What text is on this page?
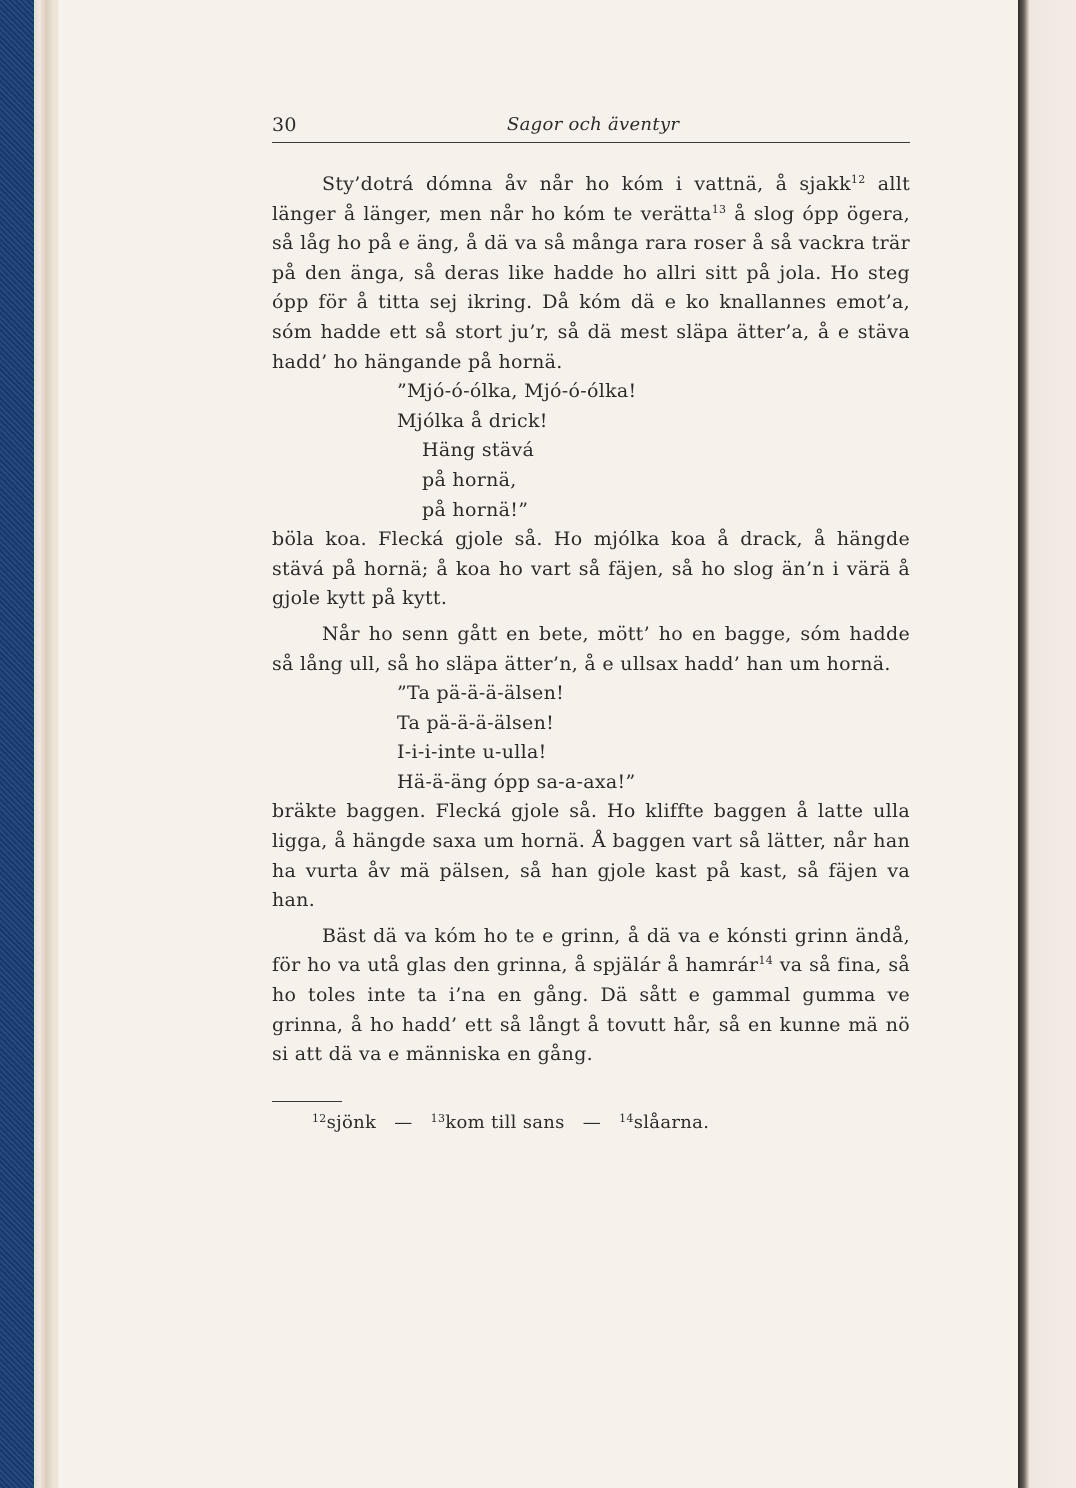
30	Sagor och äventyr

Sty’dotrá dómna åv når ho kóm i vattnä, å sjakk$^{12}$ allt länger å länger, men når ho kóm te verätta$^{13}$ å slog ópp ögera, så låg ho på e äng, å dä va så många rara roser å så vackra trär på den änga, så deras like hadde ho allri sitt på jola. Ho steg ópp för å titta sej ikring. Då kóm dä e ko knallannes emot’a, sóm hadde ett så stort ju’r, så dä mest släpa ätter’a, å e stäva hadd’ ho hängande på hornä.

”Mjó-ó-ólka, Mjó-ó-ólka!
Mjólka å drick!
Häng stävá
på hornä,
på hornä!”

böla koa. Flecká gjole så. Ho mjólka koa å drack, å hängde stävá på hornä; å koa ho vart så fäjen, så ho slog än’n i värä å gjole kytt på kytt.

Når ho senn gått en bete, mött’ ho en bagge, sóm hadde så lång ull, så ho släpa ätter’n, å e ullsax hadd’ han um hornä.

”Ta pä-ä-ä-älsen!
Ta pä-ä-ä-älsen!
I-i-i-inte u-ulla!
Hä-ä-äng ópp sa-a-axa!”

bräkte baggen. Flecká gjole så. Ho kliffte baggen å latte ulla ligga, å hängde saxa um hornä. Å baggen vart så lätter, når han ha vurta åv mä pälsen, så han gjole kast på kast, så fäjen va han.

Bäst dä va kóm ho te e grinn, å dä va e kónsti grinn ändå, för ho va utå glas den grinna, å spjälár å hamrár$^{14}$ va så fina, så ho toles inte ta i’na en gång. Dä sått e gammal gumma ve grinna, å ho hadd’ ett så långt å tovutt hår, så en kunne mä nö si att dä va e människa en gång.

$^{12}$sjönk — $^{13}$kom till sans — $^{14}$slåarna.
